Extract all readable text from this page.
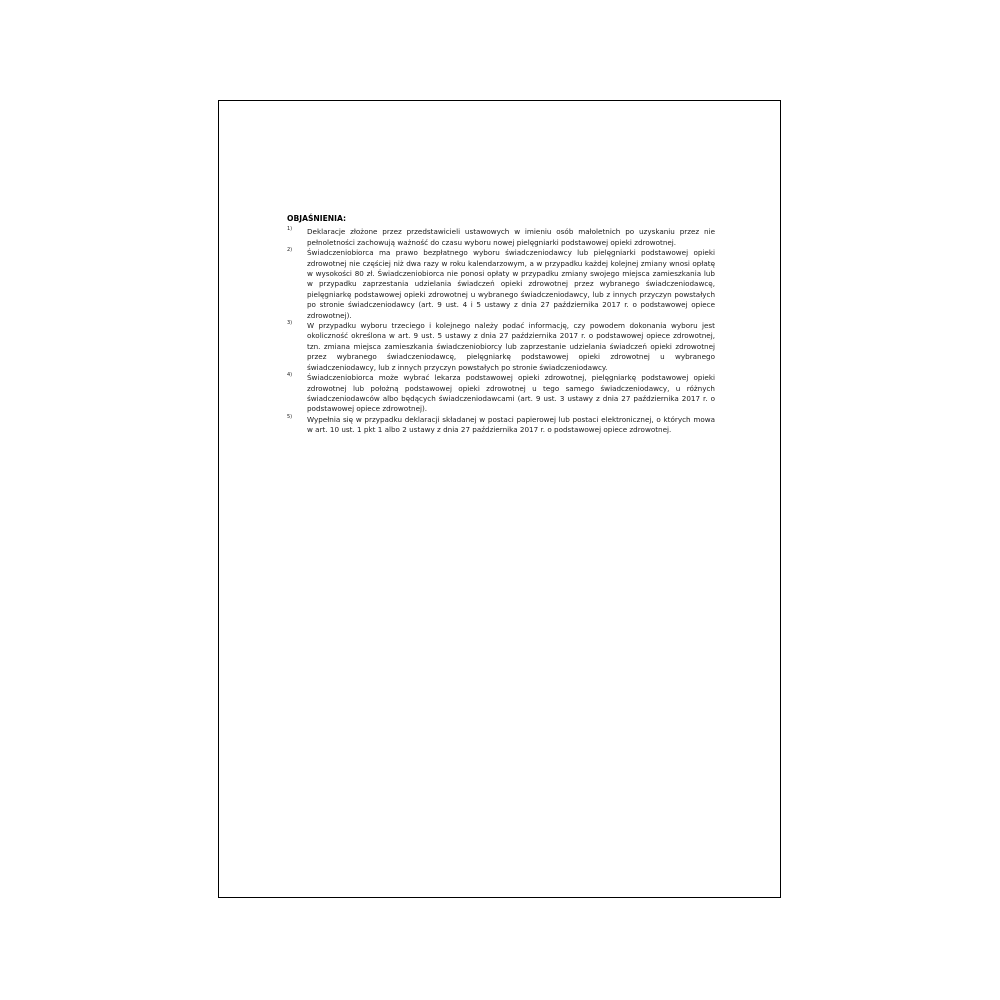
OBJAŚNIENIA:
1) Deklaracje złożone przez przedstawicieli ustawowych w imieniu osób małoletnich po uzyskaniu przez nie pełnoletności zachowują ważność do czasu wyboru nowej pielęgniarki podstawowej opieki zdrowotnej.
2) Świadczeniobiorca ma prawo bezpłatnego wyboru świadczeniodawcy lub pielęgniarki podstawowej opieki zdrowotnej nie częściej niż dwa razy w roku kalendarzowym, a w przypadku każdej kolejnej zmiany wnosi opłatę w wysokości 80 zł. Świadczeniobiorca nie ponosi opłaty w przypadku zmiany swojego miejsca zamieszkania lub w przypadku zaprzestania udzielania świadczeń opieki zdrowotnej przez wybranego świadczeniodawcę, pielęgniarkę podstawowej opieki zdrowotnej u wybranego świadczeniodawcy, lub z innych przyczyn powstałych po stronie świadczeniodawcy (art. 9 ust. 4 i 5 ustawy z dnia 27 października 2017 r. o podstawowej opiece zdrowotnej).
3) W przypadku wyboru trzeciego i kolejnego należy podać informację, czy powodem dokonania wyboru jest okoliczność określona w art. 9 ust. 5 ustawy z dnia 27 października 2017 r. o podstawowej opiece zdrowotnej, tzn. zmiana miejsca zamieszkania świadczeniobiorcy lub zaprzestanie udzielania świadczeń opieki zdrowotnej przez wybranego świadczeniodawcę, pielęgniarkę podstawowej opieki zdrowotnej u wybranego świadczeniodawcy, lub z innych przyczyn powstałych po stronie świadczeniodawcy.
4) Świadczeniobiorca może wybrać lekarza podstawowej opieki zdrowotnej, pielęgniarkę podstawowej opieki zdrowotnej lub położną podstawowej opieki zdrowotnej u tego samego świadczeniodawcy, u różnych świadczeniodawców albo będących świadczeniodawcami (art. 9 ust. 3 ustawy z dnia 27 października 2017 r. o podstawowej opiece zdrowotnej).
5) Wypełnia się w przypadku deklaracji składanej w postaci papierowej lub postaci elektronicznej, o których mowa w art. 10 ust. 1 pkt 1 albo 2 ustawy z dnia 27 października 2017 r. o podstawowej opiece zdrowotnej.
